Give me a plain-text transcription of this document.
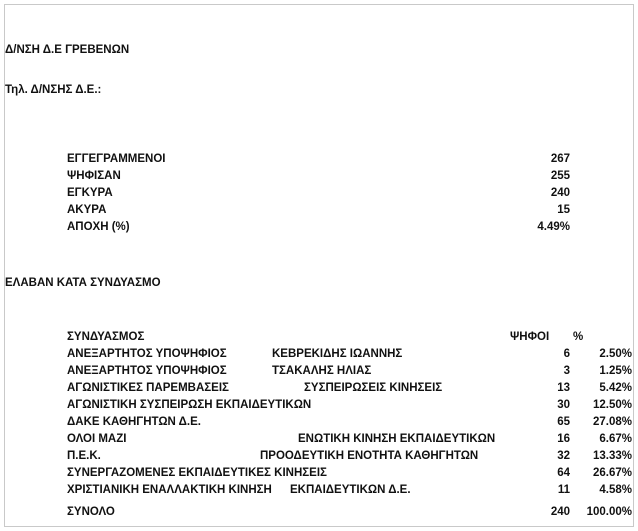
Δ/ΝΣΗ Δ.Ε ΓΡΕΒΕΝΩΝ
Τηλ. Δ/ΝΣΗΣ Δ.Ε.:
ΕΓΓΕΓΡΑΜΜΕΝΟΙ	267
ΨΗΦΙΣΑΝ	255
ΕΓΚΥΡΑ	240
ΑΚΥΡΑ	15
ΑΠΟΧΗ (%)	4.49%
ΕΛΑΒΑΝ ΚΑΤΑ ΣΥΝΔΥΑΣΜΟ
ΣΥΝΔΥΑΣΜΟΣ	ΨΗΦΟΙ %
ΑΝΕΞΑΡΤΗΤΟΣ ΥΠΟΨΗΦΙΟΣ	ΚΕΒΡΕΚΙΔΗΣ ΙΩΑΝΝΗΣ	6	2.50%
ΑΝΕΞΑΡΤΗΤΟΣ ΥΠΟΨΗΦΙΟΣ	ΤΣΑΚΑΛΗΣ ΗΛΙΑΣ	3	1.25%
ΑΓΩΝΙΣΤΙΚΕΣ ΠΑΡΕΜΒΑΣΕΙΣ	ΣΥΣΠΕΙΡΩΣΕΙΣ ΚΙΝΗΣΕΙΣ	13	5.42%
ΑΓΩΝΙΣΤΙΚΗ ΣΥΣΠΕΙΡΩΣΗ ΕΚΠΑΙΔΕΥΤΙΚΩΝ	30	12.50%
ΔΑΚΕ ΚΑΘΗΓΗΤΩΝ Δ.Ε.	65	27.08%
ΟΛΟΙ ΜΑΖΙ	ΕΝΩΤΙΚΗ ΚΙΝΗΣΗ ΕΚΠΑΙΔΕΥΤΙΚΩΝ	16	6.67%
Π.Ε.Κ.	ΠΡΟΟΔΕΥΤΙΚΗ ΕΝΟΤΗΤΑ ΚΑΘΗΓΗΤΩΝ	32	13.33%
ΣΥΝΕΡΓΑΖΟΜΕΝΕΣ ΕΚΠΑΙΔΕΥΤΙΚΕΣ ΚΙΝΗΣΕΙΣ	64	26.67%
ΧΡΙΣΤΙΑΝΙΚΗ ΕΝΑΛΛΑΚΤΙΚΗ ΚΙΝΗΣΗ ΕΚΠΑΙΔΕΥΤΙΚΩΝ Δ.Ε.	11	4.58%
ΣΥΝΟΛΟ	240	100.00%
